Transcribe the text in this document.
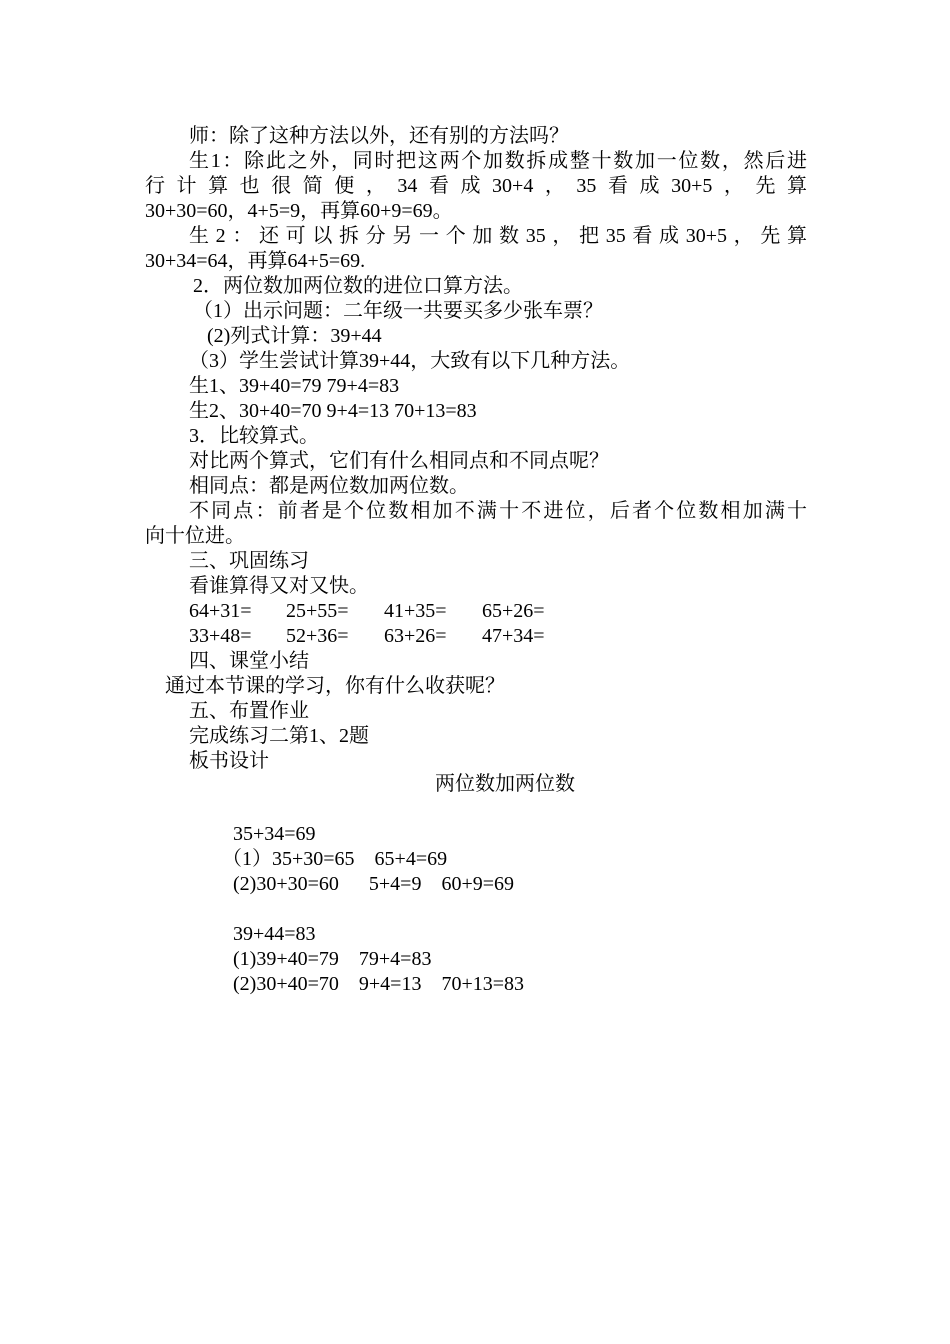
师：除了这种方法以外，还有别的方法吗？

生1：除此之外，同时把这两个加数拆成整十数加一位数，然后进

行计算也很简便，34看成30+4，35看成30+5，先算

30+30=60，4+5=9，再算60+9=69。

生2：还可以拆分另一个加数35，把35看成30+5，先算

30+34=64，再算64+5=69.

2．两位数加两位数的进位口算方法。

（1）出示问题：二年级一共要买多少张车票？

(2)列式计算：39+44

（3）学生尝试计算39+44，大致有以下几种方法。

生1、39+40=79 79+4=83

生2、30+40=70 9+4=13 70+13=83

3．比较算式。

对比两个算式，它们有什么相同点和不同点呢？

相同点：都是两位数加两位数。

不同点：前者是个位数相加不满十不进位，后者个位数相加满十

向十位进。

三、巩固练习

看谁算得又对又快。

64+31= 25+55= 41+35= 65+26=
33+48= 52+36= 63+26= 47+34=

四、课堂小结

通过本节课的学习，你有什么收获呢？

五、布置作业

完成练习二第1、2题

板书设计

两位数加两位数

35+34=69

（1）35+30=65    65+4=69

(2)30+30=60      5+4=9    60+9=69

39+44=83

(1)39+40=79    79+4=83

(2)30+40=70    9+4=13    70+13=83
